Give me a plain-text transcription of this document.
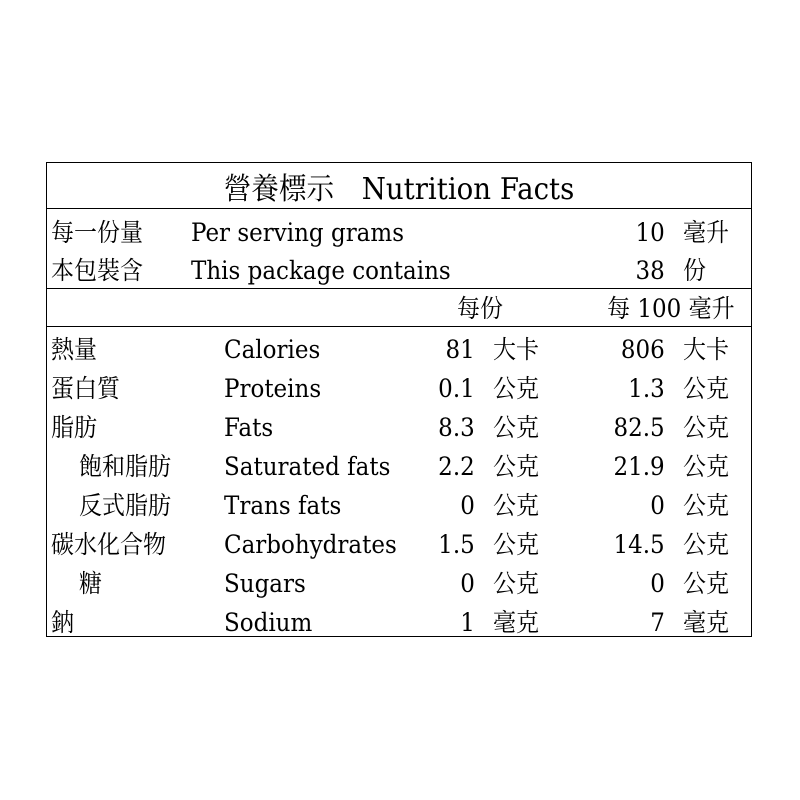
營養標示　Nutrition Facts
每一份量 Per serving grams	10 毫升
本包裝含 This package contains	38 份
每份	每 100 毫升
熱量	Calories	81 大卡	806 大卡
蛋白質	Proteins	0.1 公克	1.3 公克
脂肪	Fats	8.3 公克	82.5 公克
飽和脂肪 Saturated fats 2.2 公克	21.9 公克
反式脂肪 Trans fats	0 公克	0 公克
碳水化合物 Carbohydrates 1.5 公克	14.5 公克
糖	Sugars	0 公克	0 公克
鈉	Sodium	1 毫克	7 毫克
